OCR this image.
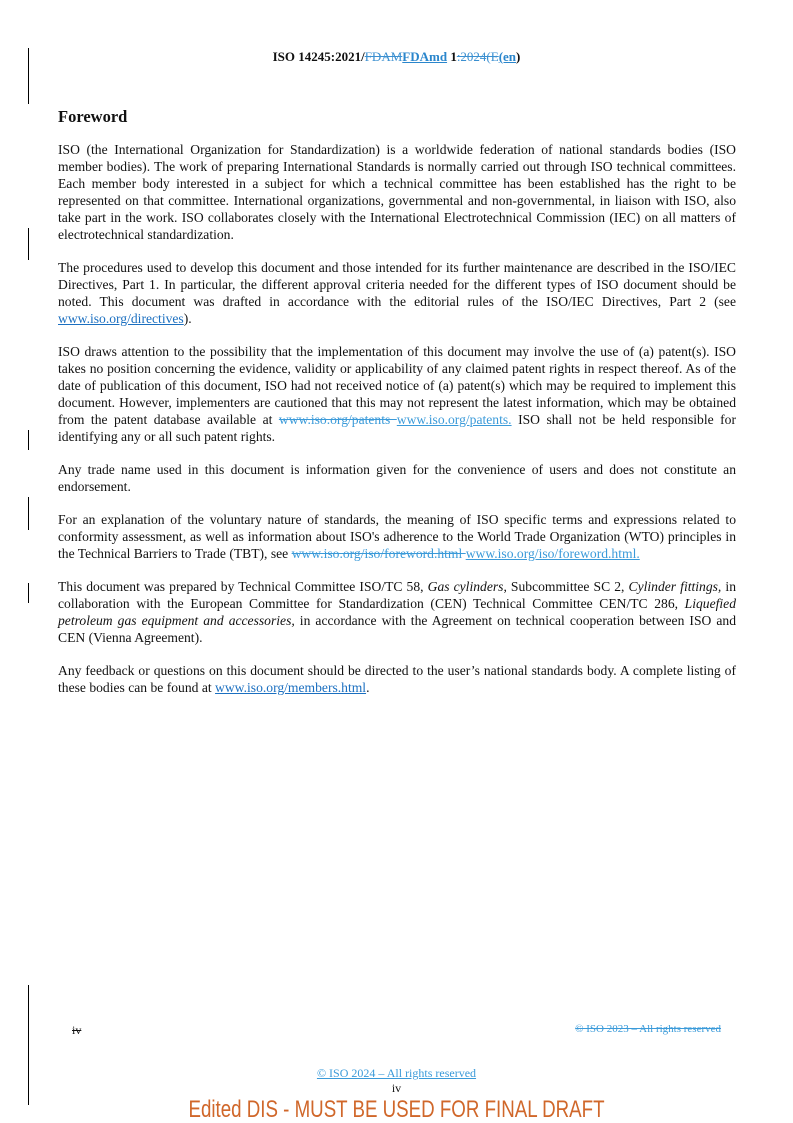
ISO 14245:2021/FDAMFDAmd 1:2024(E(en)
Foreword

ISO (the International Organization for Standardization) is a worldwide federation of national standards bodies (ISO member bodies). The work of preparing International Standards is normally carried out through ISO technical committees. Each member body interested in a subject for which a technical committee has been established has the right to be represented on that committee. International organizations, governmental and non-governmental, in liaison with ISO, also take part in the work. ISO collaborates closely with the International Electrotechnical Commission (IEC) on all matters of electrotechnical standardization.

The procedures used to develop this document and those intended for its further maintenance are described in the ISO/IEC Directives, Part 1. In particular, the different approval criteria needed for the different types of ISO document should be noted. This document was drafted in accordance with the editorial rules of the ISO/IEC Directives, Part 2 (see www.iso.org/directives).

ISO draws attention to the possibility that the implementation of this document may involve the use of (a) patent(s). ISO takes no position concerning the evidence, validity or applicability of any claimed patent rights in respect thereof. As of the date of publication of this document, ISO had not received notice of (a) patent(s) which may be required to implement this document. However, implementers are cautioned that this may not represent the latest information, which may be obtained from the patent database available at www.iso.org/patents www.iso.org/patents. ISO shall not be held responsible for identifying any or all such patent rights.

Any trade name used in this document is information given for the convenience of users and does not constitute an endorsement.

For an explanation of the voluntary nature of standards, the meaning of ISO specific terms and expressions related to conformity assessment, as well as information about ISO's adherence to the World Trade Organization (WTO) principles in the Technical Barriers to Trade (TBT), see www.iso.org/iso/foreword.html www.iso.org/iso/foreword.html.

This document was prepared by Technical Committee ISO/TC 58, Gas cylinders, Subcommittee SC 2, Cylinder fittings, in collaboration with the European Committee for Standardization (CEN) Technical Committee CEN/TC 286, Liquefied petroleum gas equipment and accessories, in accordance with the Agreement on technical cooperation between ISO and CEN (Vienna Agreement).

Any feedback or questions on this document should be directed to the user’s national standards body. A complete listing of these bodies can be found at www.iso.org/members.html.

iv	© ISO 2023 – All rights reserved
© ISO 2024 – All rights reserved
iv
Edited DIS - MUST BE USED FOR FINAL DRAFT
